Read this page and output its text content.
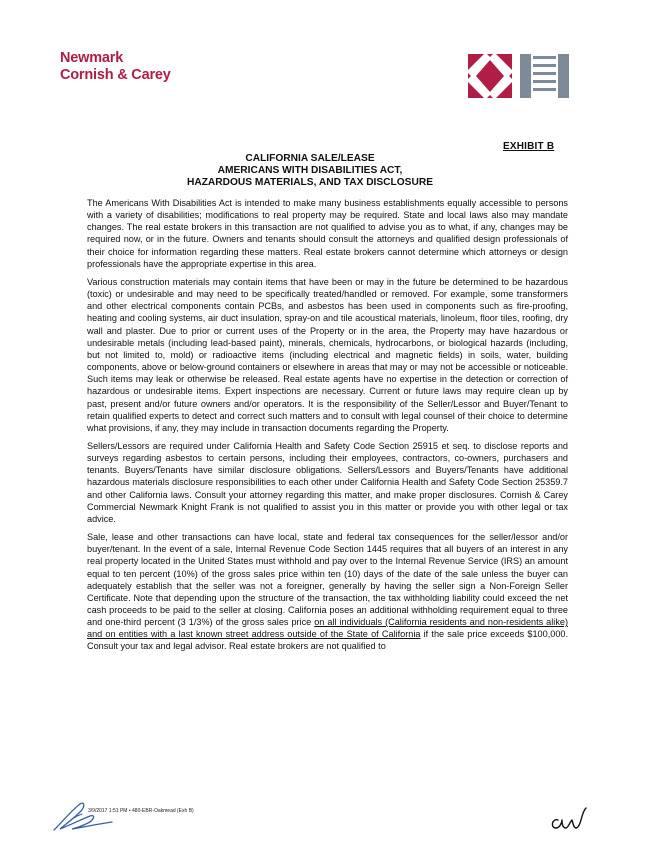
Newmark
Cornish & Carey
EXHIBIT B
CALIFORNIA SALE/LEASE
AMERICANS WITH DISABILITIES ACT,
HAZARDOUS MATERIALS, AND TAX DISCLOSURE

The Americans With Disabilities Act is intended to make many business establishments equally accessible to persons with a variety of disabilities; modifications to real property may be required. State and local laws also may mandate changes. The real estate brokers in this transaction are not qualified to advise you as to what, if any, changes may be required now, or in the future. Owners and tenants should consult the attorneys and qualified design professionals of their choice for information regarding these matters. Real estate brokers cannot determine which attorneys or design professionals have the appropriate expertise in this area.

Various construction materials may contain items that have been or may in the future be determined to be hazardous (toxic) or undesirable and may need to be specifically treated/handled or removed. For example, some transformers and other electrical components contain PCBs, and asbestos has been used in components such as fire-proofing, heating and cooling systems, air duct insulation, spray-on and tile acoustical materials, linoleum, floor tiles, roofing, dry wall and plaster. Due to prior or current uses of the Property or in the area, the Property may have hazardous or undesirable metals (including lead-based paint), minerals, chemicals, hydrocarbons, or biological hazards (including, but not limited to, mold) or radioactive items (including electrical and magnetic fields) in soils, water, building components, above or below-ground containers or elsewhere in areas that may or may not be accessible or noticeable. Such items may leak or otherwise be released. Real estate agents have no expertise in the detection or correction of hazardous or undesirable items. Expert inspections are necessary. Current or future laws may require clean up by past, present and/or future owners and/or operators. It is the responsibility of the Seller/Lessor and Buyer/Tenant to retain qualified experts to detect and correct such matters and to consult with legal counsel of their choice to determine what provisions, if any, they may include in transaction documents regarding the Property.

Sellers/Lessors are required under California Health and Safety Code Section 25915 et seq. to disclose reports and surveys regarding asbestos to certain persons, including their employees, contractors, co-owners, purchasers and tenants. Buyers/Tenants have similar disclosure obligations. Sellers/Lessors and Buyers/Tenants have additional hazardous materials disclosure responsibilities to each other under California Health and Safety Code Section 25359.7 and other California laws. Consult your attorney regarding this matter, and make proper disclosures. Cornish & Carey Commercial Newmark Knight Frank is not qualified to assist you in this matter or provide you with other legal or tax advice.

Sale, lease and other transactions can have local, state and federal tax consequences for the seller/lessor and/or buyer/tenant. In the event of a sale, Internal Revenue Code Section 1445 requires that all buyers of an interest in any real property located in the United States must withhold and pay over to the Internal Revenue Service (IRS) an amount equal to ten percent (10%) of the gross sales price within ten (10) days of the date of the sale unless the buyer can adequately establish that the seller was not a foreigner, generally by having the seller sign a Non-Foreign Seller Certificate. Note that depending upon the structure of the transaction, the tax withholding liability could exceed the net cash proceeds to be paid to the seller at closing. California poses an additional withholding requirement equal to three and one-third percent (3 1/3%) of the gross sales price on all individuals (California residents and non-residents alike) and on entities with a last known street address outside of the State of California if the sale price exceeds $100,000. Consult your tax and legal advisor. Real estate brokers are not qualified to

3/9/2017 1:51 PM • 480-EBR-Oakmead (Exh B)
